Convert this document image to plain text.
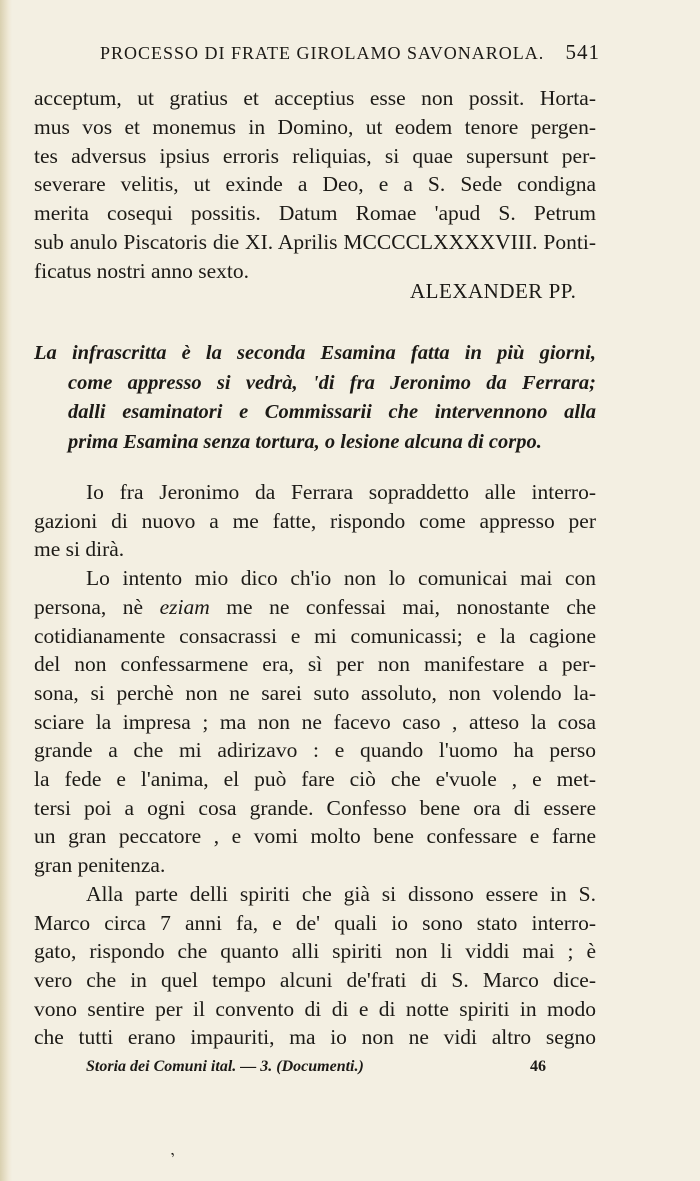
PROCESSO DI FRATE GIROLAMO SAVONAROLA. 541
acceptum, ut gratius et acceptius esse non possit. Horta-
mus vos et monemus in Domino, ut eodem tenore pergen-
tes adversus ipsius erroris reliquias, si quae supersunt per-
severare velitis, ut exinde a Deo, e a S. Sede condigna
merita cosequi possitis. Datum Romae 'apud S. Petrum
sub anulo Piscatoris die XI. Aprilis MCCCCLXXXXVIII. Ponti-
ficatus nostri anno sexto.
ALEXANDER PP.
La infrascritta è la seconda Esamina fatta in più giorni,
come appresso si vedrà, 'di fra Jeronimo da Ferrara;
dalli esaminatori e Commissarii che intervennono alla
prima Esamina senza tortura, o lesione alcuna di corpo.
Io fra Jeronimo da Ferrara sopraddetto alle interro-
gazioni di nuovo a me fatte, rispondo come appresso per
me si dirà.
Lo intento mio dico ch'io non lo comunicai mai con
persona, nè eziam me ne confessai mai, nonostante che
cotidianamente consacrassi e mi comunicassi; e la cagione
del non confessarmene era, sì per non manifestare a per-
sona, si perchè non ne sarei suto assoluto, non volendo la-
sciare la impresa ; ma non ne facevo caso , atteso la cosa
grande a che mi adirizavo : e quando l'uomo ha perso
la fede e l'anima, el può fare ciò che e'vuole , e met-
tersi poi a ogni cosa grande. Confesso bene ora di essere
un gran peccatore , e vomi molto bene confessare e farne
gran penitenza.
Alla parte delli spiriti che già si dissono essere in S.
Marco circa 7 anni fa, e de' quali io sono stato interro-
gato, rispondo che quanto alli spiriti non li viddi mai ; è
vero che in quel tempo alcuni de'frati di S. Marco dice-
vono sentire per il convento di di e di notte spiriti in modo
che tutti erano impauriti, ma io non ne vidi altro segno
Storia dei Comuni ital. — 3. (Documenti.)	46
ʼ
